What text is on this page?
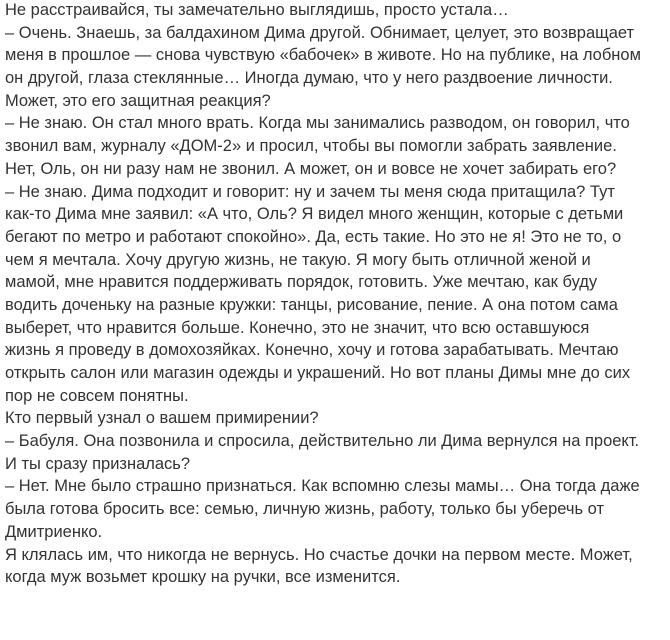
Не расстраивайся, ты замечательно выглядишь, просто устала…
– Очень. Знаешь, за балдахином Дима другой. Обнимает, целует, это возвращает
меня в прошлое — снова чувствую «бабочек» в животе. Но на публике, на лобном
он другой, глаза стеклянные… Иногда думаю, что у него раздвоение личности.
Может, это его защитная реакция?
– Не знаю. Он стал много врать. Когда мы занимались разводом, он говорил, что
звонил вам, журналу «ДОМ-2» и просил, чтобы вы помогли забрать заявление.
Нет, Оль, он ни разу нам не звонил. А может, он и вовсе не хочет забирать его?
– Не знаю. Дима подходит и говорит: ну и зачем ты меня сюда притащила? Тут
как-то Дима мне заявил: «А что, Оль? Я видел много женщин, которые с детьми
бегают по метро и работают спокойно». Да, есть такие. Но это не я! Это не то, о
чем я мечтала. Хочу другую жизнь, не такую. Я могу быть отличной женой и
мамой, мне нравится поддерживать порядок, готовить. Уже мечтаю, как буду
водить доченьку на разные кружки: танцы, рисование, пение. А она потом сама
выберет, что нравится больше. Конечно, это не значит, что всю оставшуюся
жизнь я проведу в домохозяйках. Конечно, хочу и готова зарабатывать. Мечтаю
открыть салон или магазин одежды и украшений. Но вот планы Димы мне до сих
пор не совсем понятны.
Кто первый узнал о вашем примирении?
– Бабуля. Она позвонила и спросила, действительно ли Дима вернулся на проект.
И ты сразу призналась?
– Нет. Мне было страшно признаться. Как вспомню слезы мамы… Она тогда даже
была готова бросить все: семью, личную жизнь, работу, только бы уберечь от
Дмитриенко.
Я клялась им, что никогда не вернусь. Но счастье дочки на первом месте. Может,
когда муж возьмет крошку на ручки, все изменится.
